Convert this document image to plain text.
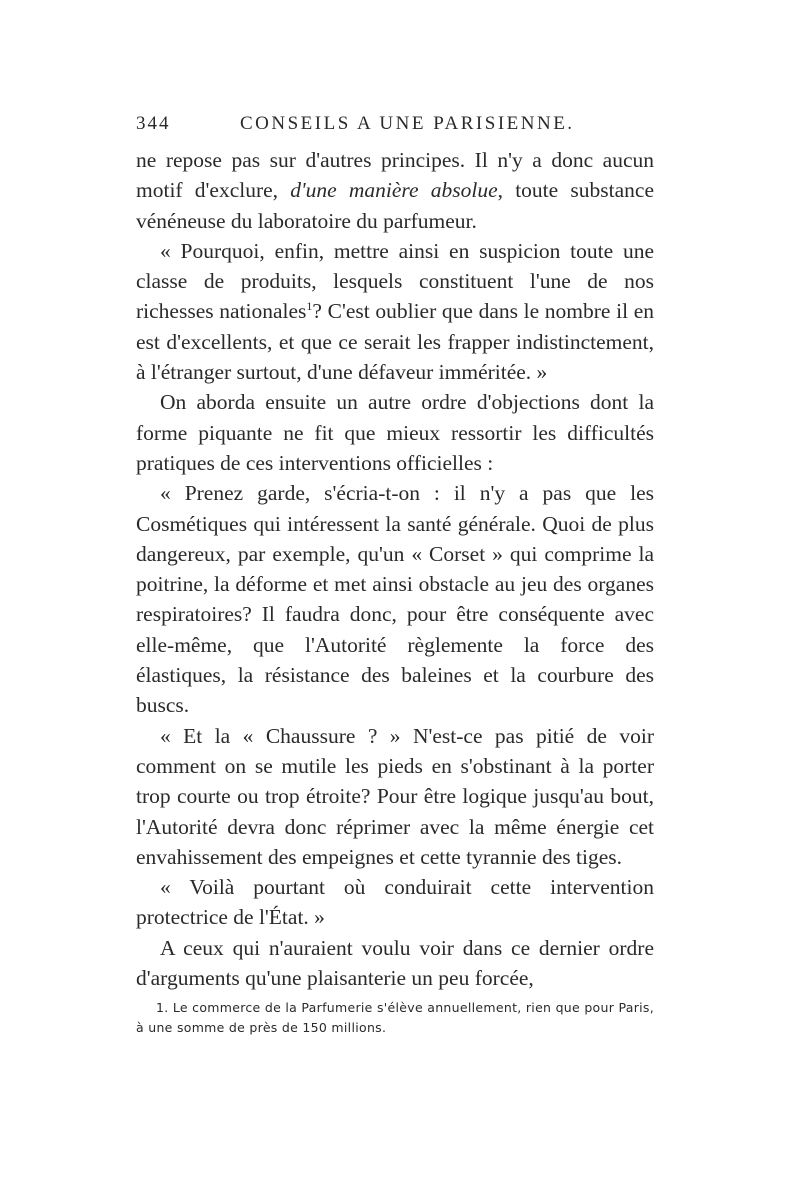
344	CONSEILS A UNE PARISIENNE.

ne repose pas sur d'autres principes. Il n'y a donc aucun motif d'exclure, d'une manière absolue, toute substance vénéneuse du laboratoire du parfumeur.

« Pourquoi, enfin, mettre ainsi en suspicion toute une classe de produits, lesquels constituent l'une de nos richesses nationales$^1$? C'est oublier que dans le nombre il en est d'excellents, et que ce serait les frapper indistinctement, à l'étranger surtout, d'une défaveur imméritée. »

On aborda ensuite un autre ordre d'objections dont la forme piquante ne fit que mieux ressortir les difficultés pratiques de ces interventions officielles :

« Prenez garde, s'écria-t-on : il n'y a pas que les Cosmétiques qui intéressent la santé générale. Quoi de plus dangereux, par exemple, qu'un « Corset » qui comprime la poitrine, la déforme et met ainsi obstacle au jeu des organes respiratoires? Il faudra donc, pour être conséquente avec elle-même, que l'Autorité règlemente la force des élastiques, la résistance des baleines et la courbure des buscs.

« Et la « Chaussure ? » N'est-ce pas pitié de voir comment on se mutile les pieds en s'obstinant à la porter trop courte ou trop étroite? Pour être logique jusqu'au bout, l'Autorité devra donc réprimer avec la même énergie cet envahissement des empeignes et cette tyrannie des tiges.

« Voilà pourtant où conduirait cette intervention protectrice de l'État. »

A ceux qui n'auraient voulu voir dans ce dernier ordre d'arguments qu'une plaisanterie un peu forcée,

1. Le commerce de la Parfumerie s'élève annuellement, rien que pour Paris, à une somme de près de 150 millions.
